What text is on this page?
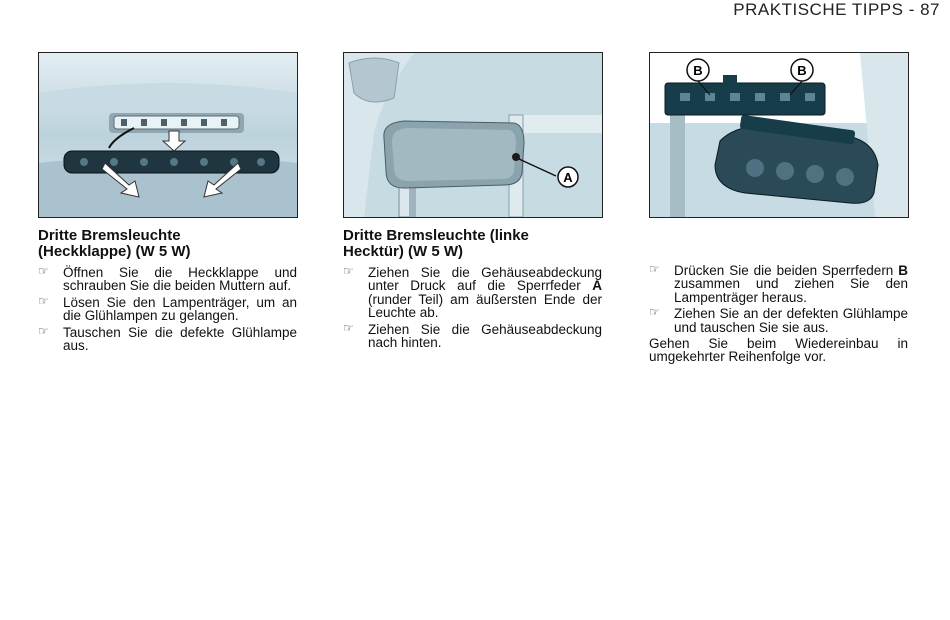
PRAKTISCHE TIPPS - 87
A
B	B
Dritte Bremsleuchte
(Heckklappe) (W 5 W)
☞ Öffnen Sie die Heckklappe und schrauben Sie die beiden Muttern auf.
☞ Lösen Sie den Lampenträger, um an die Glühlampen zu gelangen.
☞ Tauschen Sie die defekte Glühlampe aus.
Dritte Bremsleuchte (linke
Hecktür) (W 5 W)
☞ Ziehen Sie die Gehäuseabdeckung unter Druck auf die Sperrfeder A (runder Teil) am äußersten Ende der Leuchte ab.
☞ Ziehen Sie die Gehäuseabdeckung nach hinten.
☞ Drücken Sie die beiden Sperrfedern B zusammen und ziehen Sie den Lampenträger heraus.
☞ Ziehen Sie an der defekten Glühlampe und tauschen Sie sie aus.
Gehen Sie beim Wiedereinbau in umgekehrter Reihenfolge vor.
